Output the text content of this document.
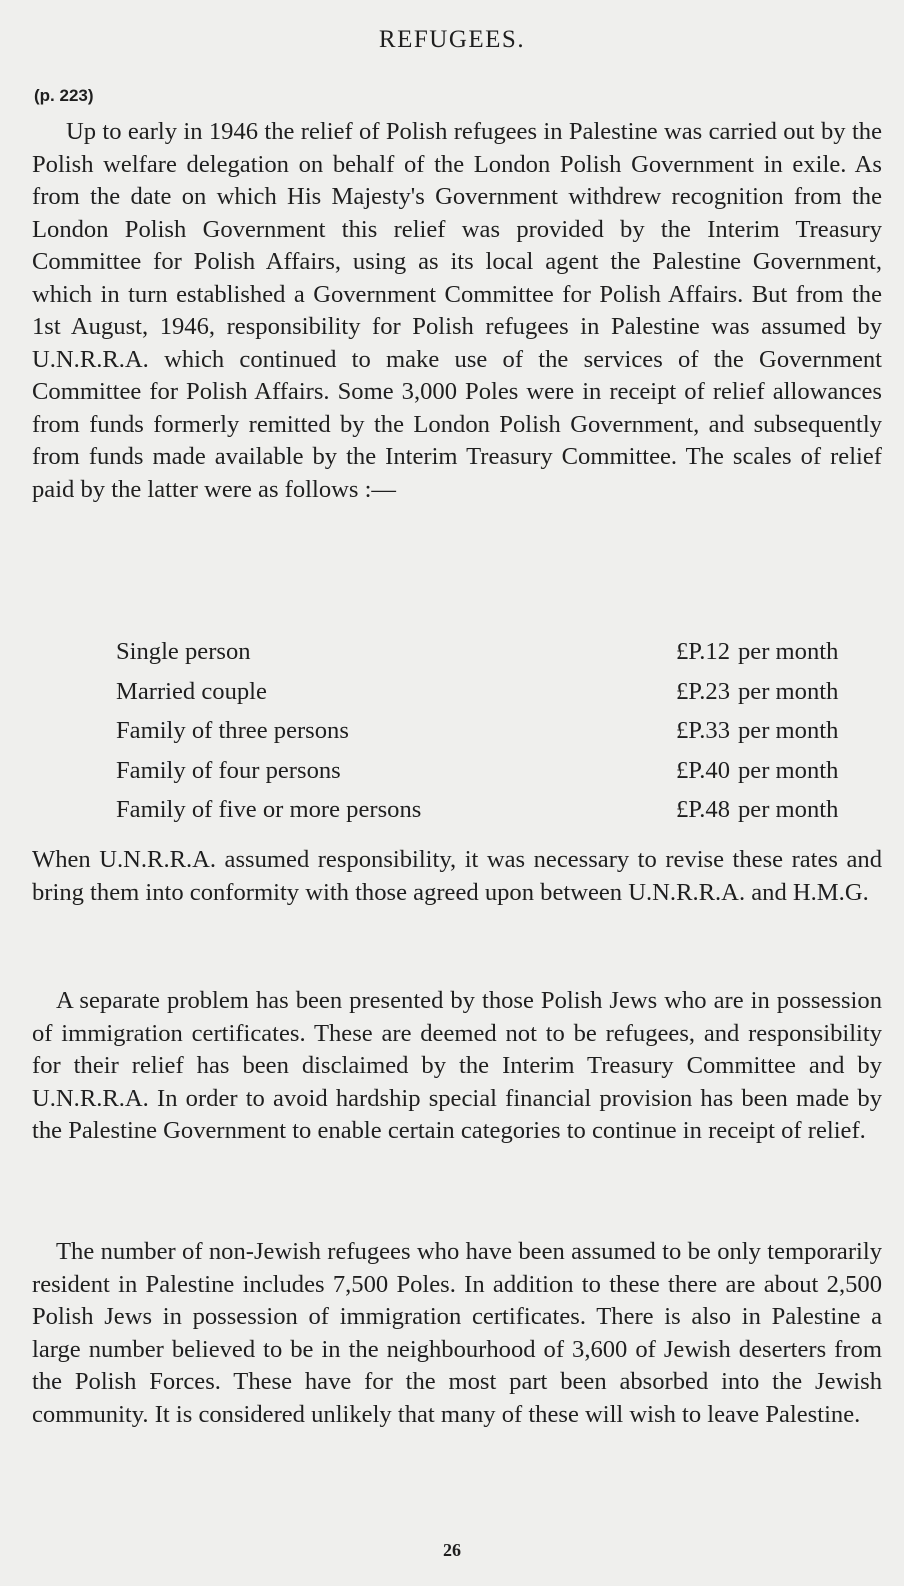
REFUGEES.
(p. 223)

Up to early in 1946 the relief of Polish refugees in Palestine was carried out by the Polish welfare delegation on behalf of the London Polish Government in exile. As from the date on which His Majesty's Government withdrew recognition from the London Polish Government this relief was provided by the Interim Treasury Committee for Polish Affairs, using as its local agent the Palestine Government, which in turn established a Government Committee for Polish Affairs. But from the 1st August, 1946, responsibility for Polish refugees in Palestine was assumed by U.N.R.R.A. which continued to make use of the services of the Government Committee for Polish Affairs. Some 3,000 Poles were in receipt of relief allowances from funds formerly remitted by the London Polish Government, and subsequently from funds made available by the Interim Treasury Committee. The scales of relief paid by the latter were as follows :—

Single person	£P.12 per month
Married couple	£P.23 per month
Family of three persons	£P.33 per month
Family of four persons	£P.40 per month
Family of five or more persons	£P.48 per month

When U.N.R.R.A. assumed responsibility, it was necessary to revise these rates and bring them into conformity with those agreed upon between U.N.R.R.A. and H.M.G.

A separate problem has been presented by those Polish Jews who are in possession of immigration certificates. These are deemed not to be refugees, and responsibility for their relief has been disclaimed by the Interim Treasury Committee and by U.N.R.R.A. In order to avoid hardship special financial provision has been made by the Palestine Government to enable certain categories to continue in receipt of relief.

The number of non-Jewish refugees who have been assumed to be only temporarily resident in Palestine includes 7,500 Poles. In addition to these there are about 2,500 Polish Jews in possession of immigration certificates. There is also in Palestine a large number believed to be in the neighbourhood of 3,600 of Jewish deserters from the Polish Forces. These have for the most part been absorbed into the Jewish community. It is considered unlikely that many of these will wish to leave Palestine.

26
